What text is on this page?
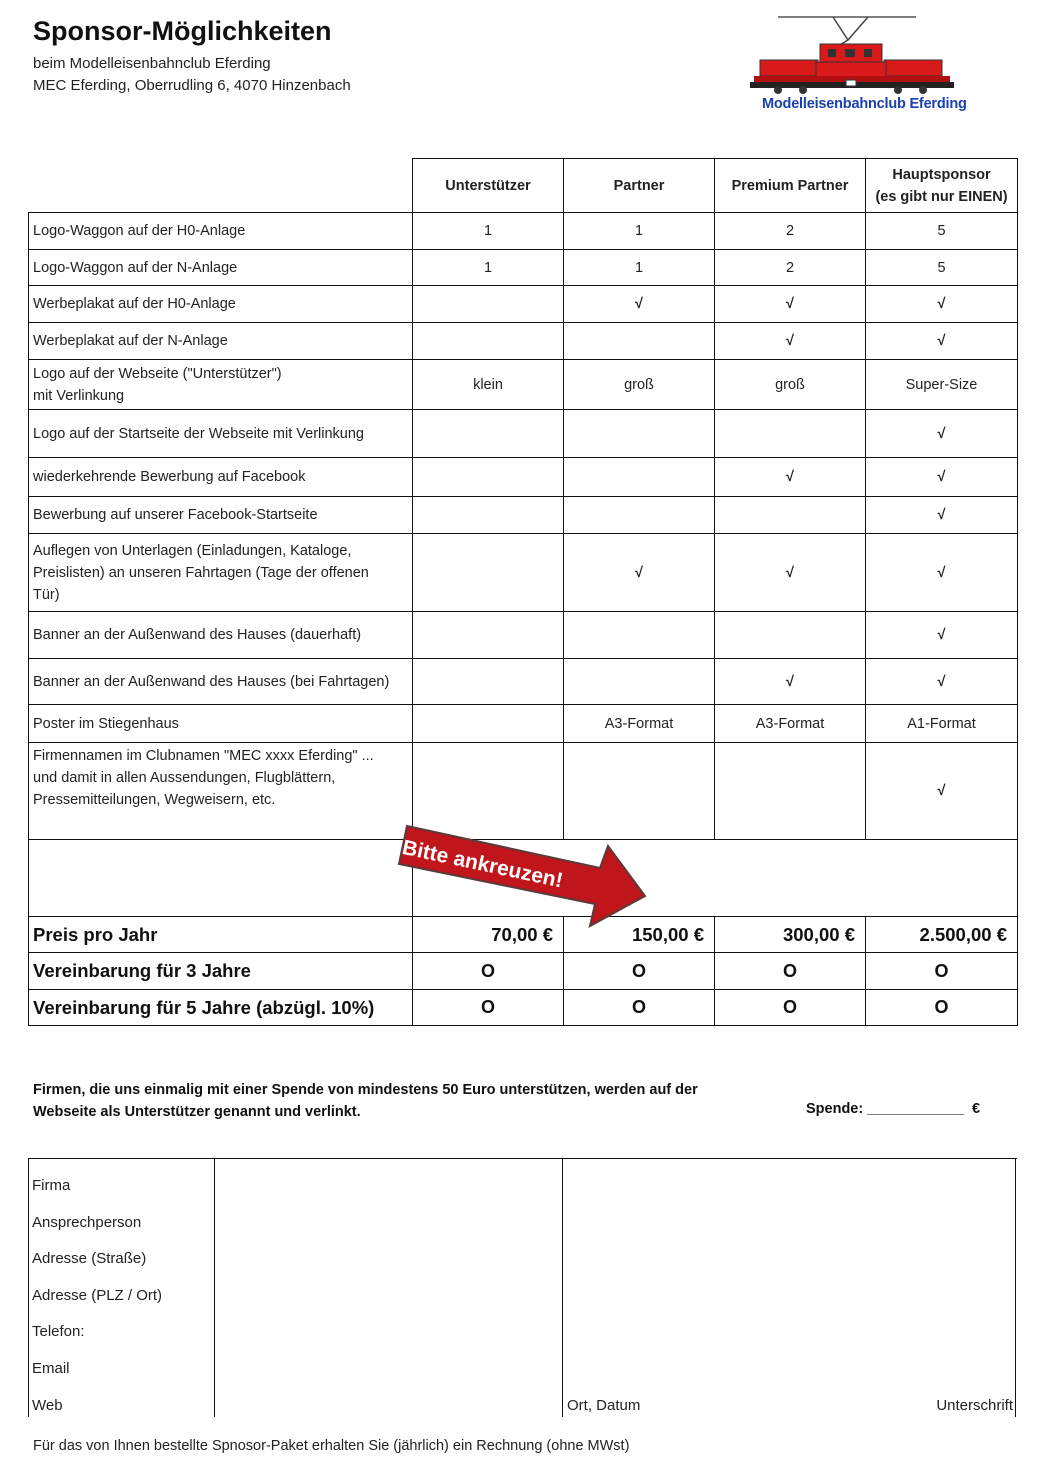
Sponsor-Möglichkeiten
beim Modelleisenbahnclub Eferding
MEC Eferding, Oberrudling 6, 4070 Hinzenbach
Modelleisenbahnclub Eferding
	Unterstützer	Partner	Premium Partner	Hauptsponsor
(es gibt nur EINEN)
Logo-Waggon auf der H0-Anlage	1	1	2	5
Logo-Waggon auf der N-Anlage	1	1	2	5
Werbeplakat auf der H0-Anlage		√	√	√
Werbeplakat auf der N-Anlage			√	√
Logo auf der Webseite ("Unterstützer")
mit Verlinkung	klein	groß	groß	Super-Size
Logo auf der Startseite der Webseite mit Verlinkung				√
wiederkehrende Bewerbung auf Facebook			√	√
Bewerbung auf unserer Facebook-Startseite				√
Auflegen von Unterlagen (Einladungen, Kataloge,
Preislisten) an unseren Fahrtagen (Tage der offenen
Tür)		√	√	√
Banner an der Außenwand des Hauses (dauerhaft)				√
Banner an der Außenwand des Hauses (bei Fahrtagen)			√	√
Poster im Stiegenhaus		A3-Format	A3-Format	A1-Format
Firmennamen im Clubnamen "MEC xxxx Eferding" ...
und damit in allen Aussendungen, Flugblättern,
Pressemitteilungen, Wegweisern, etc.				√

Preis pro Jahr	70,00 €	150,00 €	300,00 €	2.500,00 €
Vereinbarung für 3 Jahre	O	O	O	O
Vereinbarung für 5 Jahre (abzügl. 10%)	O	O	O	O
Bitte ankreuzen!
Firmen, die uns einmalig mit einer Spende von mindestens 50 Euro unterstützen, werden auf der
Webseite als Unterstützer genannt und verlinkt.	Spende: ____________  €
Firma
Ansprechperson
Adresse (Straße)
Adresse (PLZ / Ort)
Telefon:
Email
Web	Ort, Datum	Unterschrift
Für das von Ihnen bestellte Spnosor-Paket erhalten Sie (jährlich) ein Rechnung (ohne MWst)
